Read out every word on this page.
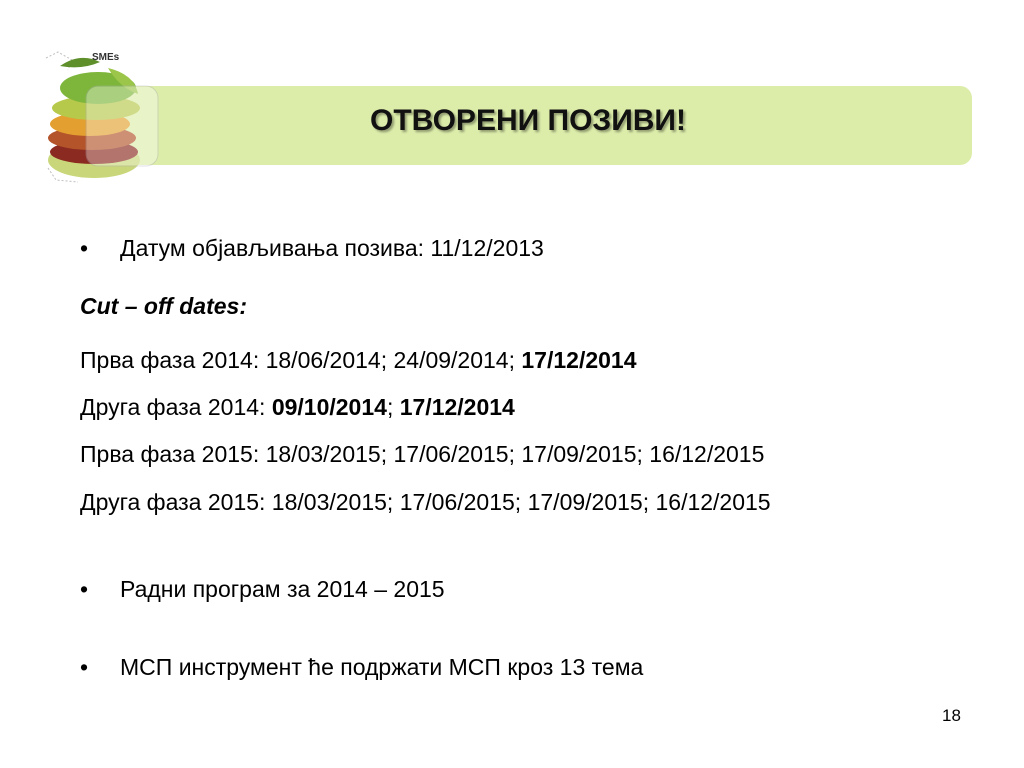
SMEs
ОТВОРЕНИ ПОЗИВИ!
• Датум објављивања позива: 11/12/2013
Cut – off dates:
Прва фаза 2014: 18/06/2014; 24/09/2014; 17/12/2014
Друга фаза 2014: 09/10/2014; 17/12/2014
Прва фаза 2015: 18/03/2015; 17/06/2015; 17/09/2015; 16/12/2015
Друга фаза 2015: 18/03/2015; 17/06/2015; 17/09/2015; 16/12/2015
• Радни програм за 2014 – 2015
• МСП инструмент ће подржати МСП кроз 13 тема
18
